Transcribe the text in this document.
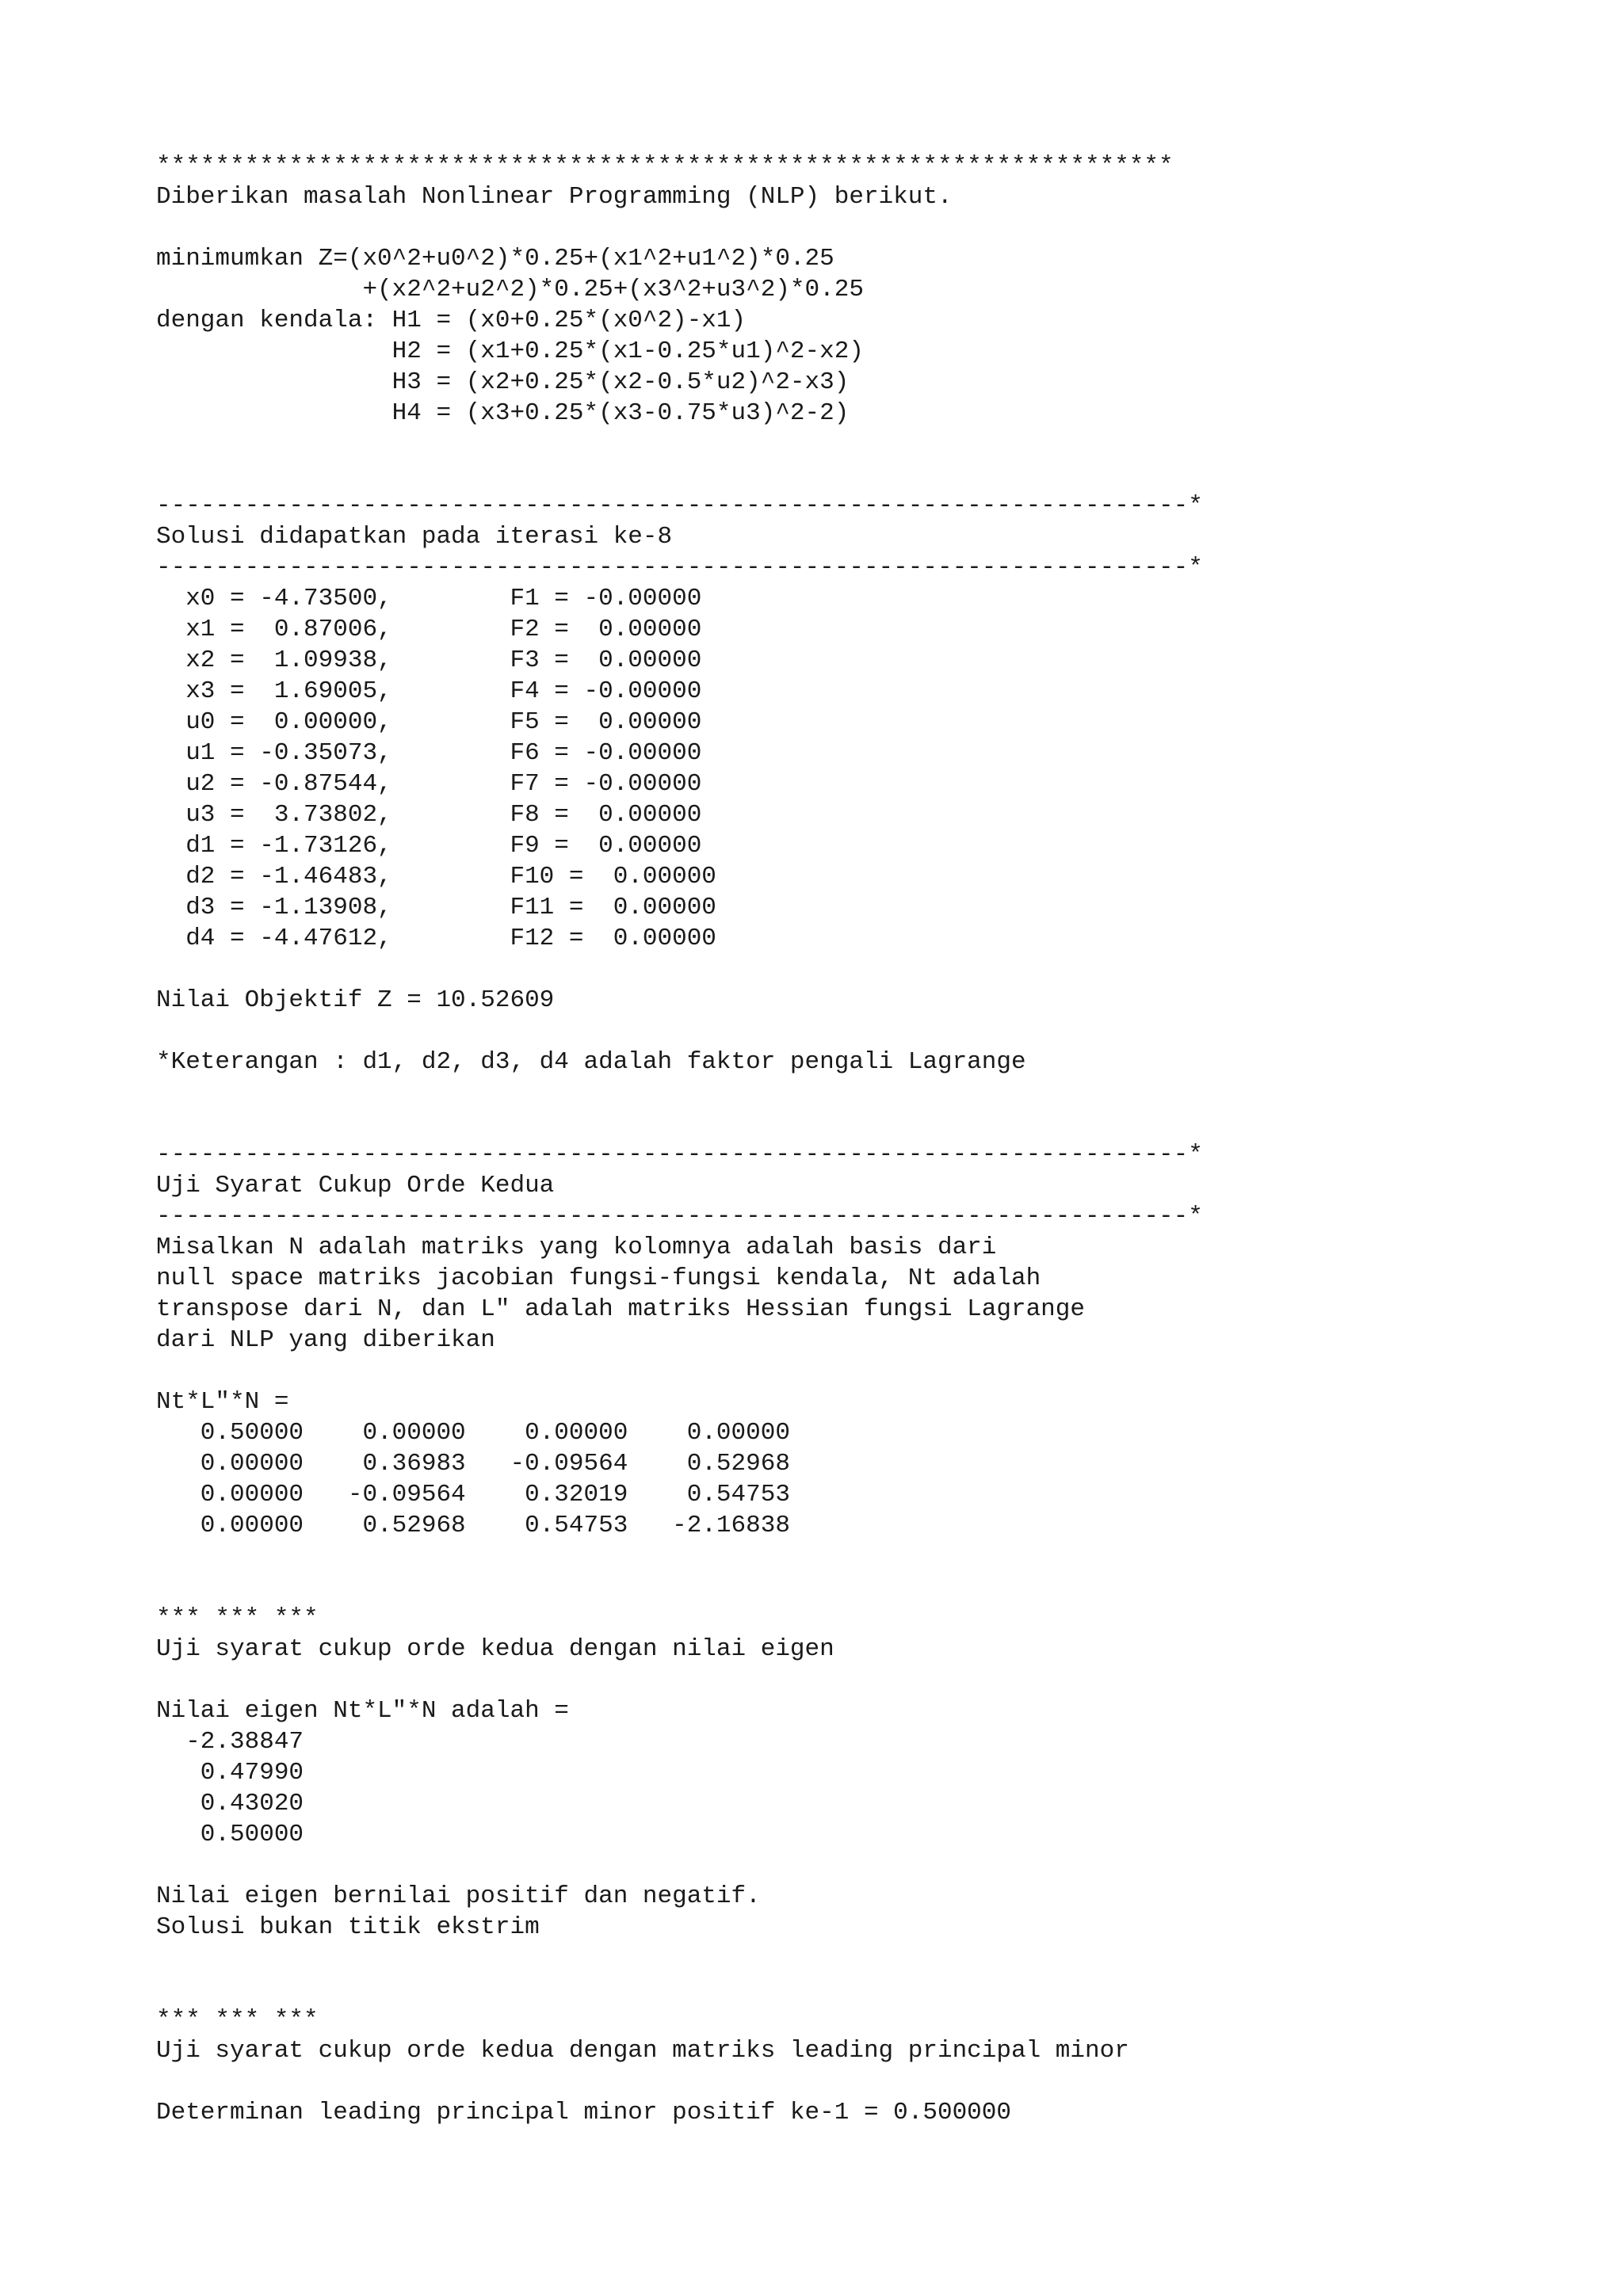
*********************************************************************
Diberikan masalah Nonlinear Programming (NLP) berikut.

minimumkan Z=(x0^2+u0^2)*0.25+(x1^2+u1^2)*0.25
+(x2^2+u2^2)*0.25+(x3^2+u3^2)*0.25
dengan kendala: H1 = (x0+0.25*(x0^2)-x1)
H2 = (x1+0.25*(x1-0.25*u1)^2-x2)
H3 = (x2+0.25*(x2-0.5*u2)^2-x3)
H4 = (x3+0.25*(x3-0.75*u3)^2-2)

----------------------------------------------------------------------*
Solusi didapatkan pada iterasi ke-8
----------------------------------------------------------------------*
x0 = -4.73500,        F1 = -0.00000
x1 =  0.87006,        F2 =  0.00000
x2 =  1.09938,        F3 =  0.00000
x3 =  1.69005,        F4 = -0.00000
u0 =  0.00000,        F5 =  0.00000
u1 = -0.35073,        F6 = -0.00000
u2 = -0.87544,        F7 = -0.00000
u3 =  3.73802,        F8 =  0.00000
d1 = -1.73126,        F9 =  0.00000
d2 = -1.46483,        F10 =  0.00000
d3 = -1.13908,        F11 =  0.00000
d4 = -4.47612,        F12 =  0.00000

Nilai Objektif Z = 10.52609

*Keterangan : d1, d2, d3, d4 adalah faktor pengali Lagrange

----------------------------------------------------------------------*
Uji Syarat Cukup Orde Kedua
----------------------------------------------------------------------*
Misalkan N adalah matriks yang kolomnya adalah basis dari
null space matriks jacobian fungsi-fungsi kendala, Nt adalah
transpose dari N, dan L" adalah matriks Hessian fungsi Lagrange
dari NLP yang diberikan

Nt*L"*N =
0.50000    0.00000    0.00000    0.00000
0.00000    0.36983   -0.09564    0.52968
0.00000   -0.09564    0.32019    0.54753
0.00000    0.52968    0.54753   -2.16838

*** *** ***
Uji syarat cukup orde kedua dengan nilai eigen

Nilai eigen Nt*L"*N adalah =
-2.38847
0.47990
0.43020
0.50000

Nilai eigen bernilai positif dan negatif.
Solusi bukan titik ekstrim

*** *** ***
Uji syarat cukup orde kedua dengan matriks leading principal minor

Determinan leading principal minor positif ke-1 = 0.500000
